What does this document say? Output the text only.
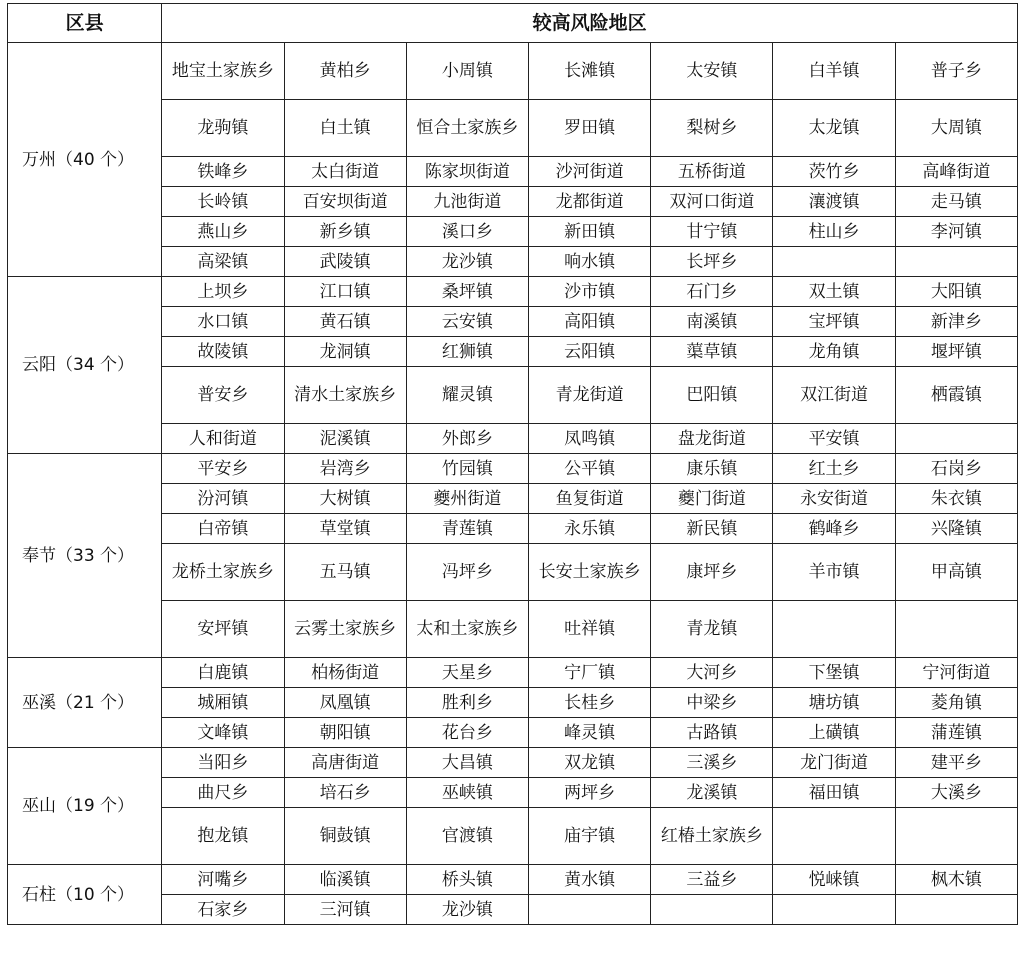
区县	较高风险地区						
万州（40 个）	地宝土家族乡	黄柏乡	小周镇	长滩镇	太安镇	白羊镇	普子乡
	龙驹镇	白土镇	恒合土家族乡	罗田镇	梨树乡	太龙镇	大周镇
	铁峰乡	太白街道	陈家坝街道	沙河街道	五桥街道	茨竹乡	高峰街道
	长岭镇	百安坝街道	九池街道	龙都街道	双河口街道	瀼渡镇	走马镇
	燕山乡	新乡镇	溪口乡	新田镇	甘宁镇	柱山乡	李河镇
	高梁镇	武陵镇	龙沙镇	响水镇	长坪乡		
云阳（34 个）	上坝乡	江口镇	桑坪镇	沙市镇	石门乡	双土镇	大阳镇
	水口镇	黄石镇	云安镇	高阳镇	南溪镇	宝坪镇	新津乡
	故陵镇	龙洞镇	红狮镇	云阳镇	蕖草镇	龙角镇	堰坪镇
	普安乡	清水土家族乡	耀灵镇	青龙街道	巴阳镇	双江街道	栖霞镇
	人和街道	泥溪镇	外郎乡	凤鸣镇	盘龙街道	平安镇	
奉节（33 个）	平安乡	岩湾乡	竹园镇	公平镇	康乐镇	红土乡	石岗乡
	汾河镇	大树镇	夔州街道	鱼复街道	夔门街道	永安街道	朱衣镇
	白帝镇	草堂镇	青莲镇	永乐镇	新民镇	鹤峰乡	兴隆镇
	龙桥土家族乡	五马镇	冯坪乡	长安土家族乡	康坪乡	羊市镇	甲高镇
	安坪镇	云雾土家族乡	太和土家族乡	吐祥镇	青龙镇		
巫溪（21 个）	白鹿镇	柏杨街道	天星乡	宁厂镇	大河乡	下堡镇	宁河街道
	城厢镇	凤凰镇	胜利乡	长桂乡	中梁乡	塘坊镇	菱角镇
	文峰镇	朝阳镇	花台乡	峰灵镇	古路镇	上磺镇	蒲莲镇
巫山（19 个）	当阳乡	高唐街道	大昌镇	双龙镇	三溪乡	龙门街道	建平乡
	曲尺乡	培石乡	巫峡镇	两坪乡	龙溪镇	福田镇	大溪乡
	抱龙镇	铜鼓镇	官渡镇	庙宇镇	红椿土家族乡		
石柱（10 个）	河嘴乡	临溪镇	桥头镇	黄水镇	三益乡	悦崃镇	枫木镇
	石家乡	三河镇	龙沙镇				
